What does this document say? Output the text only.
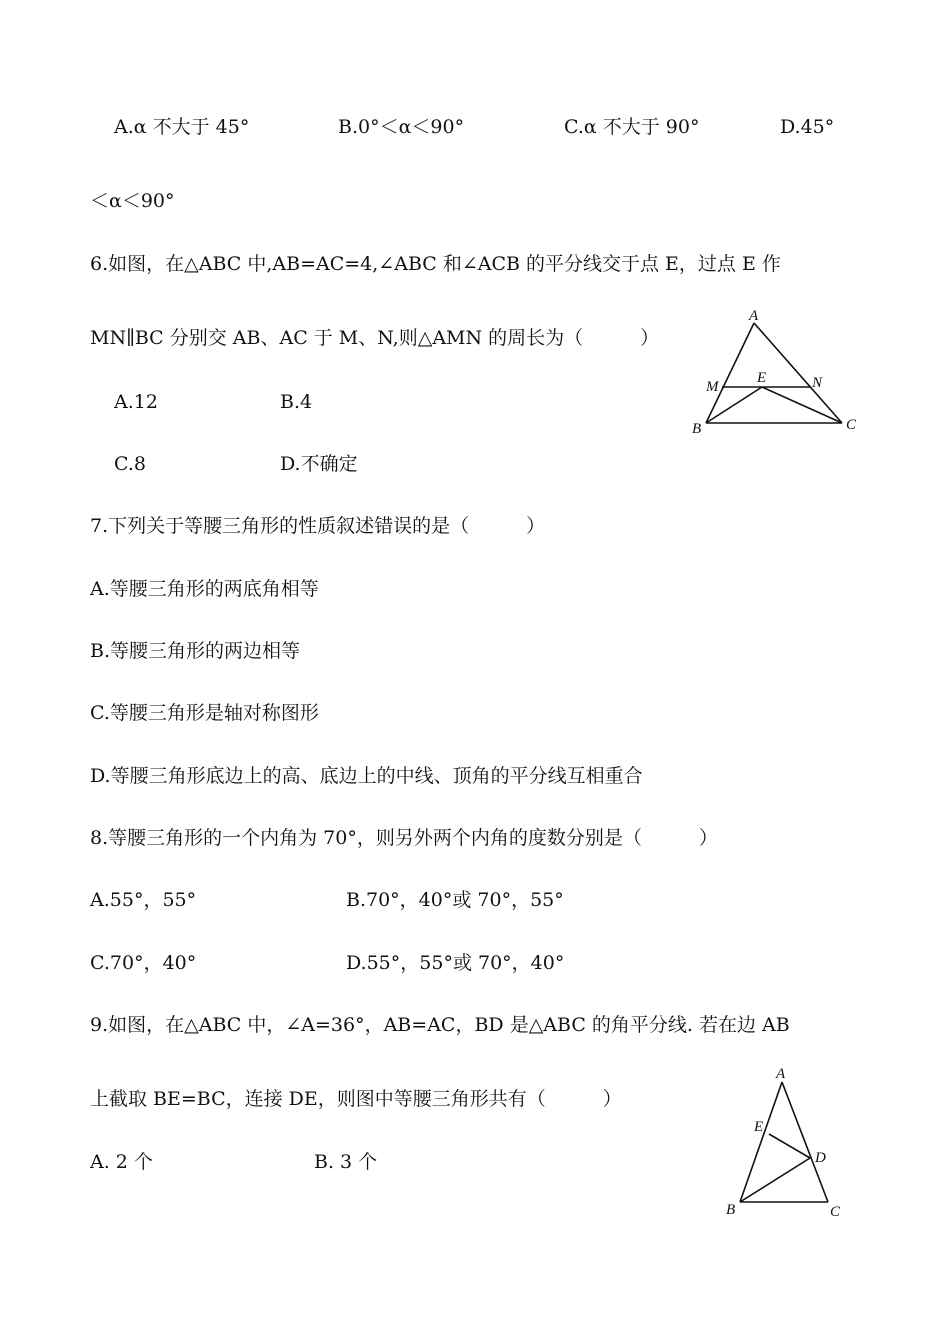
A.α 不大于 45°	B.0°＜α＜90°	C.α 不大于 90°	D.45°
＜α＜90°
6.如图，在△ABC 中,AB=AC=4,∠ABC 和∠ACB 的平分线交于点 E，过点 E 作
MN∥BC 分别交 AB、AC 于 M、N,则△AMN 的周长为（　　　）
A.12	B.4
C.8	D.不确定
A
M
E	N
B	C
7.下列关于等腰三角形的性质叙述错误的是（　　　）
A.等腰三角形的两底角相等
B.等腰三角形的两边相等
C.等腰三角形是轴对称图形
D.等腰三角形底边上的高、底边上的中线、顶角的平分线互相重合
8.等腰三角形的一个内角为 70°，则另外两个内角的度数分别是（　　　）
A.55°，55°	B.70°，40°或 70°，55°
C.70°，40°	D.55°，55°或 70°，40°
9.如图，在△ABC 中，∠A=36°，AB=AC，BD 是△ABC 的角平分线. 若在边 AB
上截取 BE=BC，连接 DE，则图中等腰三角形共有（　　　）
A. 2 个	B. 3 个
A
E
D
B	C
